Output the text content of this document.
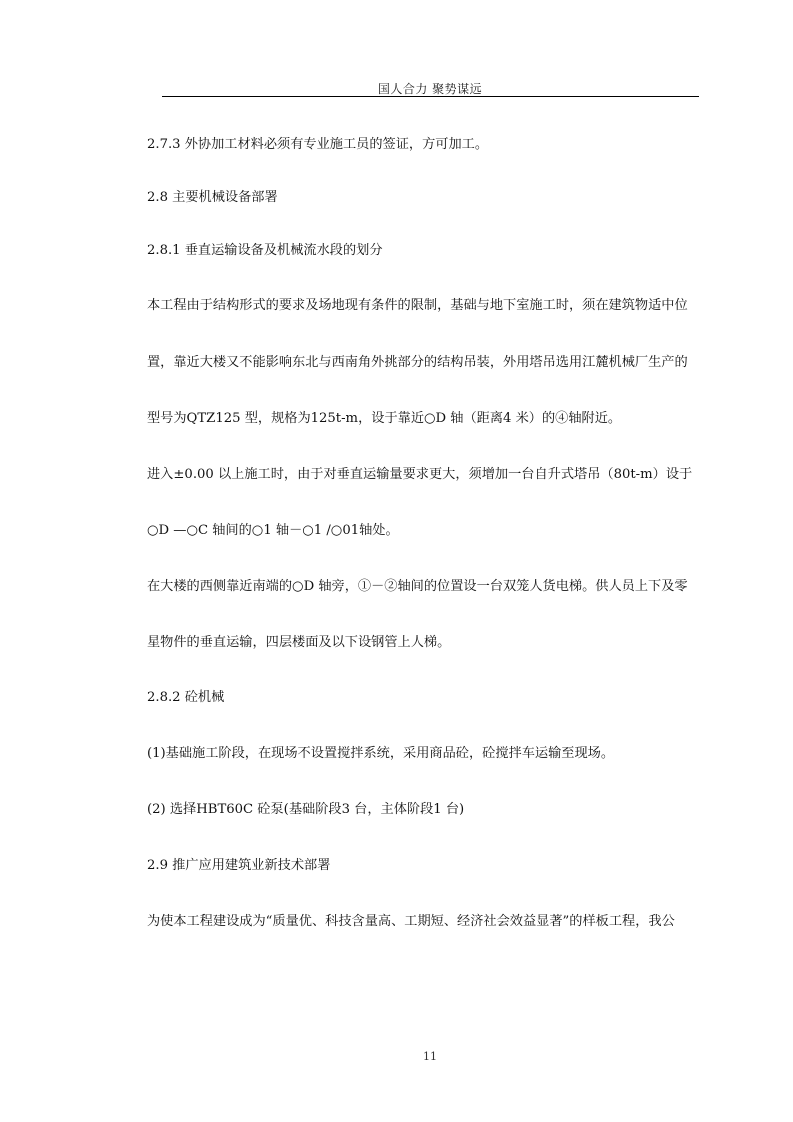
国人合力 聚势谋远
2.7.3 外协加工材料必须有专业施工员的签证，方可加工。
2.8 主要机械设备部署
2.8.1 垂直运输设备及机械流水段的划分
本工程由于结构形式的要求及场地现有条件的限制，基础与地下室施工时，须在建筑物适中位
置，靠近大楼又不能影响东北与西南角外挑部分的结构吊装，外用塔吊选用江麓机械厂生产的
型号为QTZ125 型，规格为125t-m，设于靠近○D 轴（距离4 米）的④轴附近。
进入±0.00 以上施工时，由于对垂直运输量要求更大，须增加一台自升式塔吊（80t-m）设于
○D —○C 轴间的○1 轴－○1 /○01轴处。
在大楼的西侧靠近南端的○D 轴旁，①－②轴间的位置设一台双笼人货电梯。供人员上下及零
星物件的垂直运输，四层楼面及以下设钢管上人梯。
2.8.2 砼机械
(1)基础施工阶段，在现场不设置搅拌系统，采用商品砼，砼搅拌车运输至现场。
(2) 选择HBT60C 砼泵(基础阶段3 台，主体阶段1 台)
2.9 推广应用建筑业新技术部署
为使本工程建设成为“质量优、科技含量高、工期短、经济社会效益显著”的样板工程，我公
11
